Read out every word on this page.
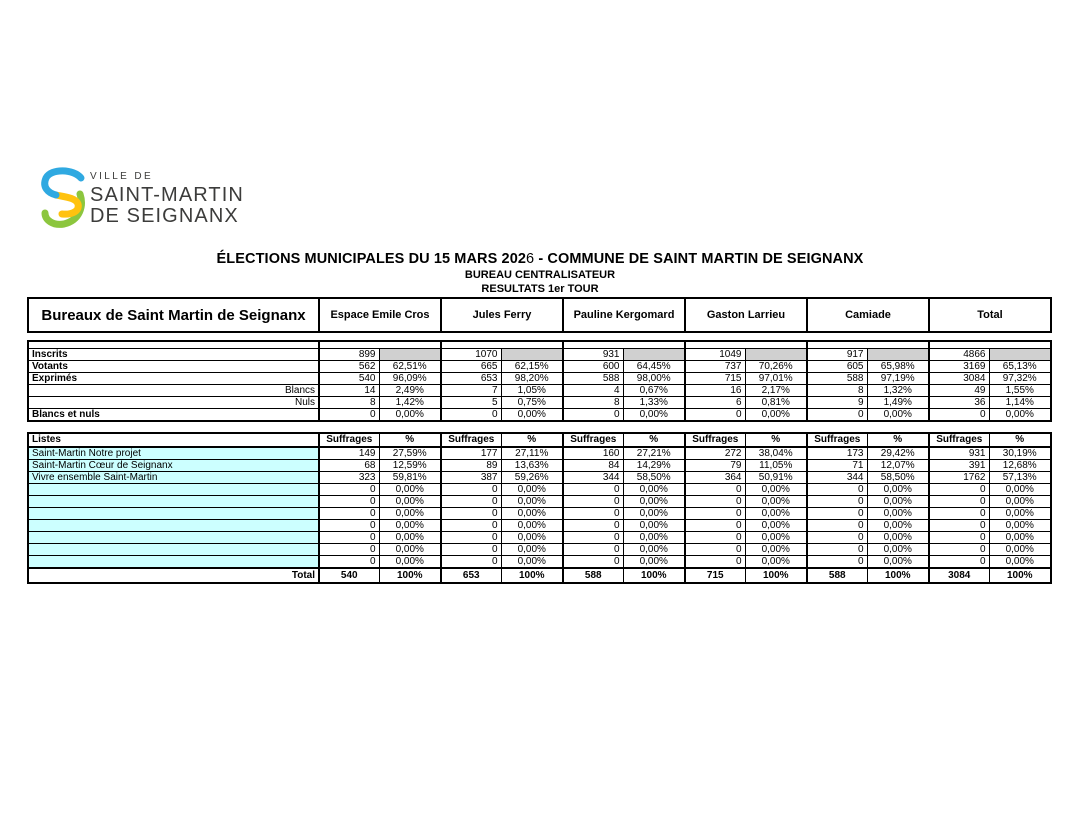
VILLE DE
SAINT-MARTIN
DE SEIGNANX
ÉLECTIONS MUNICIPALES DU 15 MARS 2026 - COMMUNE DE SAINT MARTIN DE SEIGNANX
BUREAU CENTRALISATEUR
RESULTATS 1er TOUR
Bureaux de Saint Martin de Seignanx	Espace Emile Cros	Jules Ferry	Pauline Kergomard	Gaston Larrieu	Camiade	Total

Inscrits	899		1070		931		1049		917		4866	
Votants	562	62,51%	665	62,15%	600	64,45%	737	70,26%	605	65,98%	3169	65,13%
Exprimés	540	96,09%	653	98,20%	588	98,00%	715	97,01%	588	97,19%	3084	97,32%
Blancs	14	2,49%	7	1,05%	4	0,67%	16	2,17%	8	1,32%	49	1,55%
Nuls	8	1,42%	5	0,75%	8	1,33%	6	0,81%	9	1,49%	36	1,14%
Blancs et nuls	0	0,00%	0	0,00%	0	0,00%	0	0,00%	0	0,00%	0	0,00%
Listes	Suffrages	%	Suffrages	%	Suffrages	%	Suffrages	%	Suffrages	%	Suffrages	%
Saint-Martin Notre projet	149	27,59%	177	27,11%	160	27,21%	272	38,04%	173	29,42%	931	30,19%
Saint-Martin Cœur de Seignanx	68	12,59%	89	13,63%	84	14,29%	79	11,05%	71	12,07%	391	12,68%
Vivre ensemble Saint-Martin	323	59,81%	387	59,26%	344	58,50%	364	50,91%	344	58,50%	1762	57,13%
	0	0,00%	0	0,00%	0	0,00%	0	0,00%	0	0,00%	0	0,00%
	0	0,00%	0	0,00%	0	0,00%	0	0,00%	0	0,00%	0	0,00%
	0	0,00%	0	0,00%	0	0,00%	0	0,00%	0	0,00%	0	0,00%
	0	0,00%	0	0,00%	0	0,00%	0	0,00%	0	0,00%	0	0,00%
	0	0,00%	0	0,00%	0	0,00%	0	0,00%	0	0,00%	0	0,00%
	0	0,00%	0	0,00%	0	0,00%	0	0,00%	0	0,00%	0	0,00%
	0	0,00%	0	0,00%	0	0,00%	0	0,00%	0	0,00%	0	0,00%
Total	540	100%	653	100%	588	100%	715	100%	588	100%	3084	100%
